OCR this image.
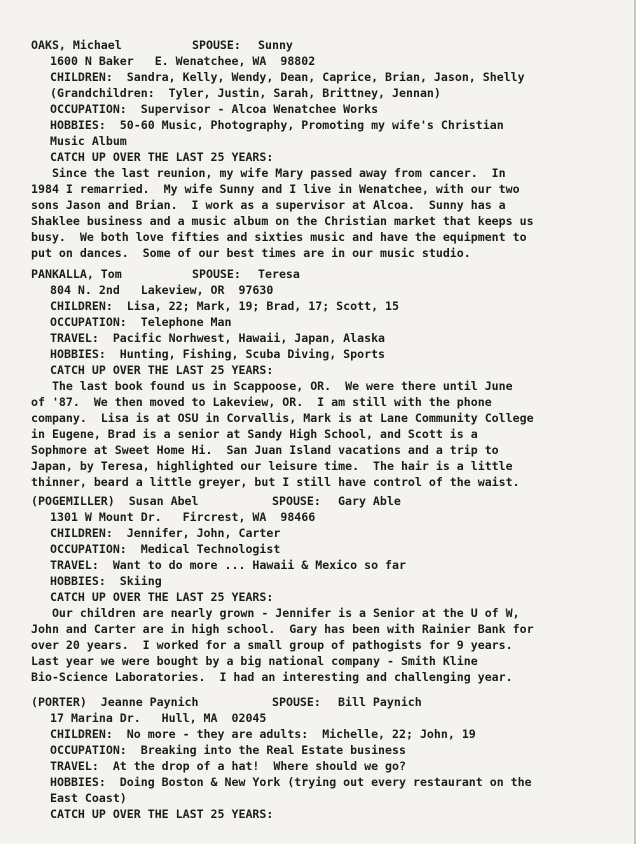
OAKS, Michael	SPOUSE: Sunny
1600 N Baker   E. Wenatchee, WA  98802
CHILDREN:  Sandra, Kelly, Wendy, Dean, Caprice, Brian, Jason, Shelly
(Grandchildren:  Tyler, Justin, Sarah, Brittney, Jennan)
OCCUPATION:  Supervisor - Alcoa Wenatchee Works
HOBBIES:  50-60 Music, Photography, Promoting my wife's Christian
Music Album
CATCH UP OVER THE LAST 25 YEARS:
Since the last reunion, my wife Mary passed away from cancer.  In
1984 I remarried.  My wife Sunny and I live in Wenatchee, with our two
sons Jason and Brian.  I work as a supervisor at Alcoa.  Sunny has a
Shaklee business and a music album on the Christian market that keeps us
busy.  We both love fifties and sixties music and have the equipment to
put on dances.  Some of our best times are in our music studio.
PANKALLA, Tom	SPOUSE: Teresa
804 N. 2nd   Lakeview, OR  97630
CHILDREN:  Lisa, 22; Mark, 19; Brad, 17; Scott, 15
OCCUPATION:  Telephone Man
TRAVEL:  Pacific Norhwest, Hawaii, Japan, Alaska
HOBBIES:  Hunting, Fishing, Scuba Diving, Sports
CATCH UP OVER THE LAST 25 YEARS:
The last book found us in Scappoose, OR.  We were there until June
of '87.  We then moved to Lakeview, OR.  I am still with the phone
company.  Lisa is at OSU in Corvallis, Mark is at Lane Community College
in Eugene, Brad is a senior at Sandy High School, and Scott is a
Sophmore at Sweet Home Hi.  San Juan Island vacations and a trip to
Japan, by Teresa, highlighted our leisure time.  The hair is a little
thinner, beard a little greyer, but I still have control of the waist.
(POGEMILLER)  Susan Abel	SPOUSE: Gary Able
1301 W Mount Dr.   Fircrest, WA  98466
CHILDREN:  Jennifer, John, Carter
OCCUPATION:  Medical Technologist
TRAVEL:  Want to do more ... Hawaii & Mexico so far
HOBBIES:  Skiing
CATCH UP OVER THE LAST 25 YEARS:
Our children are nearly grown - Jennifer is a Senior at the U of W,
John and Carter are in high school.  Gary has been with Rainier Bank for
over 20 years.  I worked for a small group of pathogists for 9 years.
Last year we were bought by a big national company - Smith Kline
Bio-Science Laboratories.  I had an interesting and challenging year.
(PORTER)  Jeanne Paynich	SPOUSE: Bill Paynich
17 Marina Dr.   Hull, MA  02045
CHILDREN:  No more - they are adults:  Michelle, 22; John, 19
OCCUPATION:  Breaking into the Real Estate business
TRAVEL:  At the drop of a hat!  Where should we go?
HOBBIES:  Doing Boston & New York (trying out every restaurant on the
East Coast)
CATCH UP OVER THE LAST 25 YEARS:
